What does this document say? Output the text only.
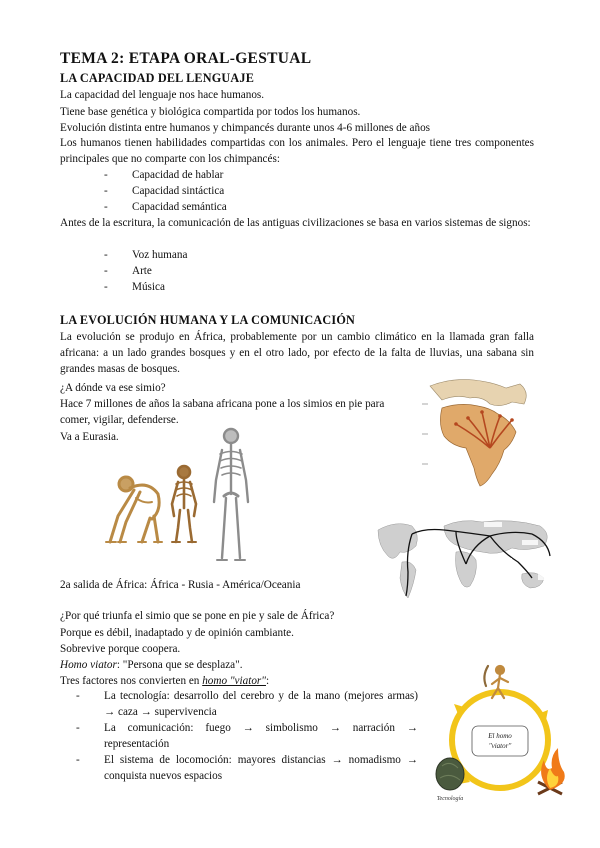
TEMA 2: ETAPA ORAL-GESTUAL
LA CAPACIDAD DEL LENGUAJE
La capacidad del lenguaje nos hace humanos.
Tiene base genética y biológica compartida por todos los humanos.
Evolución distinta entre humanos y chimpancés durante unos 4-6 millones de años
Los humanos tienen habilidades compartidas con los animales. Pero el lenguaje tiene tres componentes principales que no comparte con los chimpancés:
- Capacidad de hablar
- Capacidad sintáctica
- Capacidad semántica
Antes de la escritura, la comunicación de las antiguas civilizaciones se basa en varios sistemas de signos:
- Voz humana
- Arte
- Música
LA EVOLUCIÓN HUMANA Y LA COMUNICACIÓN
La evolución se produjo en África, probablemente por un cambio climático en la llamada gran falla africana: a un lado grandes bosques y en el otro lado, por efecto de la falta de lluvias, una sabana sin grandes masas de bosques.
¿A dónde va ese simio?
Hace 7 millones de años la sabana africana pone a los simios en pie para
comer, vigilar, defenderse.
Va a Eurasia.
2a salida de África: África - Rusia - América/Oceania
¿Por qué triunfa el simio que se pone en pie y sale de África?
Porque es débil, inadaptado y de opinión cambiante.
Sobrevive porque coopera.
Homo viator: "Persona que se desplaza".
Tres factores nos convierten en homo "viator":
- La tecnología: desarrollo del cerebro y de la mano (mejores armas) → caza → supervivencia
- La comunicación: fuego → simbolismo → narración → representación
- El sistema de locomoción: mayores distancias → nomadismo → conquista nuevos espacios
El homo
"viator"
Tecnología
